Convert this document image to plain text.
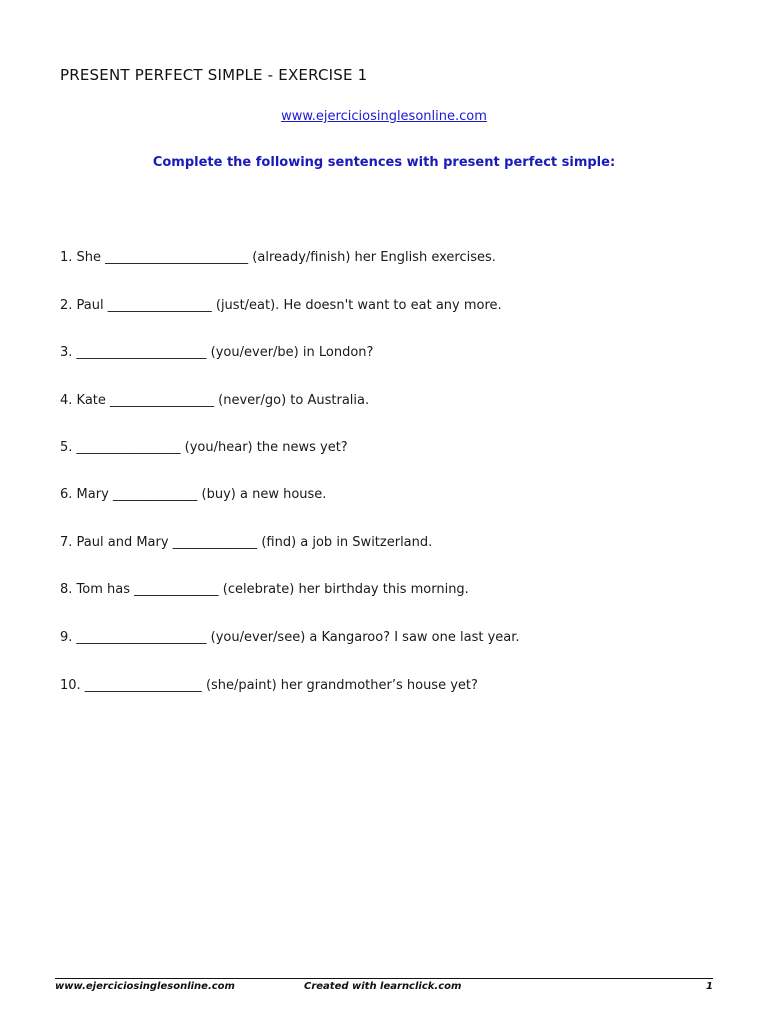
PRESENT PERFECT SIMPLE - EXERCISE 1
www.ejerciciosinglesonline.com
Complete the following sentences with present perfect simple:
1. She ______________________ (already/finish) her English exercises.
2. Paul ________________ (just/eat). He doesn't want to eat any more.
3. ____________________ (you/ever/be) in London?
4. Kate ________________ (never/go) to Australia.
5. ________________ (you/hear) the news yet?
6. Mary _____________ (buy) a new house.
7. Paul and Mary _____________ (find) a job in Switzerland.
8. Tom has _____________ (celebrate) her birthday this morning.
9. ____________________ (you/ever/see) a Kangaroo? I saw one last year.
10. __________________ (she/paint) her grandmother’s house yet?
www.ejerciciosinglesonline.com	Created with learnclick.com	1
